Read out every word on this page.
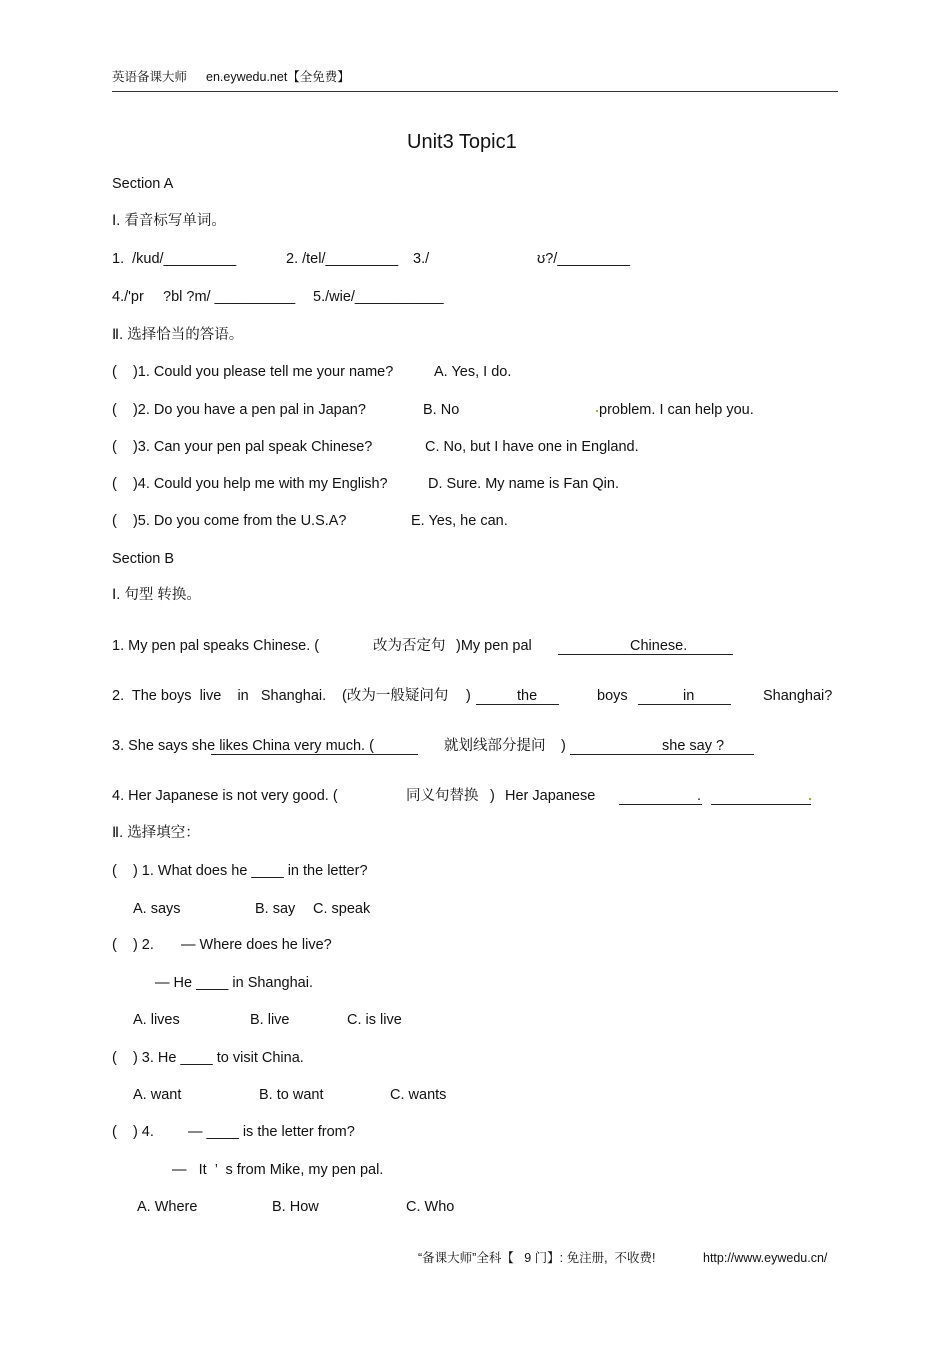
英语备课大师 en.eywedu.net【全免费】
Unit3 Topic1
Section A
Ⅰ. 看音标写单词。
1.  /kud/_________	2. /tel/_________ 3./	ʊ?/_________
4./'pr ?bl ?m/ __________ 5./wie/___________
Ⅱ. 选择恰当的答语。
(    )1. Could you please tell me your name?	A. Yes, I do.
(    )2. Do you have a pen pal in Japan?	B. No	problem. I can help you.
(    )3. Can your pen pal speak Chinese?	C. No, but I have one in England.
(    )4. Could you help me with my English?	D. Sure. My name is Fan Qin.
(    )5. Do you come from the U.S.A?	E. Yes, he can.
Section B
Ⅰ. 句型 转换。
1. My pen pal speaks Chinese. (	改为否定句 )My pen pal	Chinese.
2.  The boys  live    in   Shanghai. (改为一般疑问句 )	the	boys	in	Shanghai?
3. She says she likes China very much. (	就划线部分提问 )	she say ?
4. Her Japanese is not very good. (	同义句替换 ) Her Japanese	.
Ⅱ. 选择填空：
(    ) 1. What does he ____ in the letter?
A. says	B. say C. speak
(    ) 2. — Where does he live?
— He ____ in Shanghai.
A. lives	B. live	C. is live
(    ) 3. He ____ to visit China.
A. want	B. to want	C. wants
(    ) 4. — ____ is the letter from?
—   It  ’  s from Mike, my pen pal.
A. Where	B. How	C. Who
“备课大师”全科【   9 门】: 免注册,  不收费!	http://www.eywedu.cn/
